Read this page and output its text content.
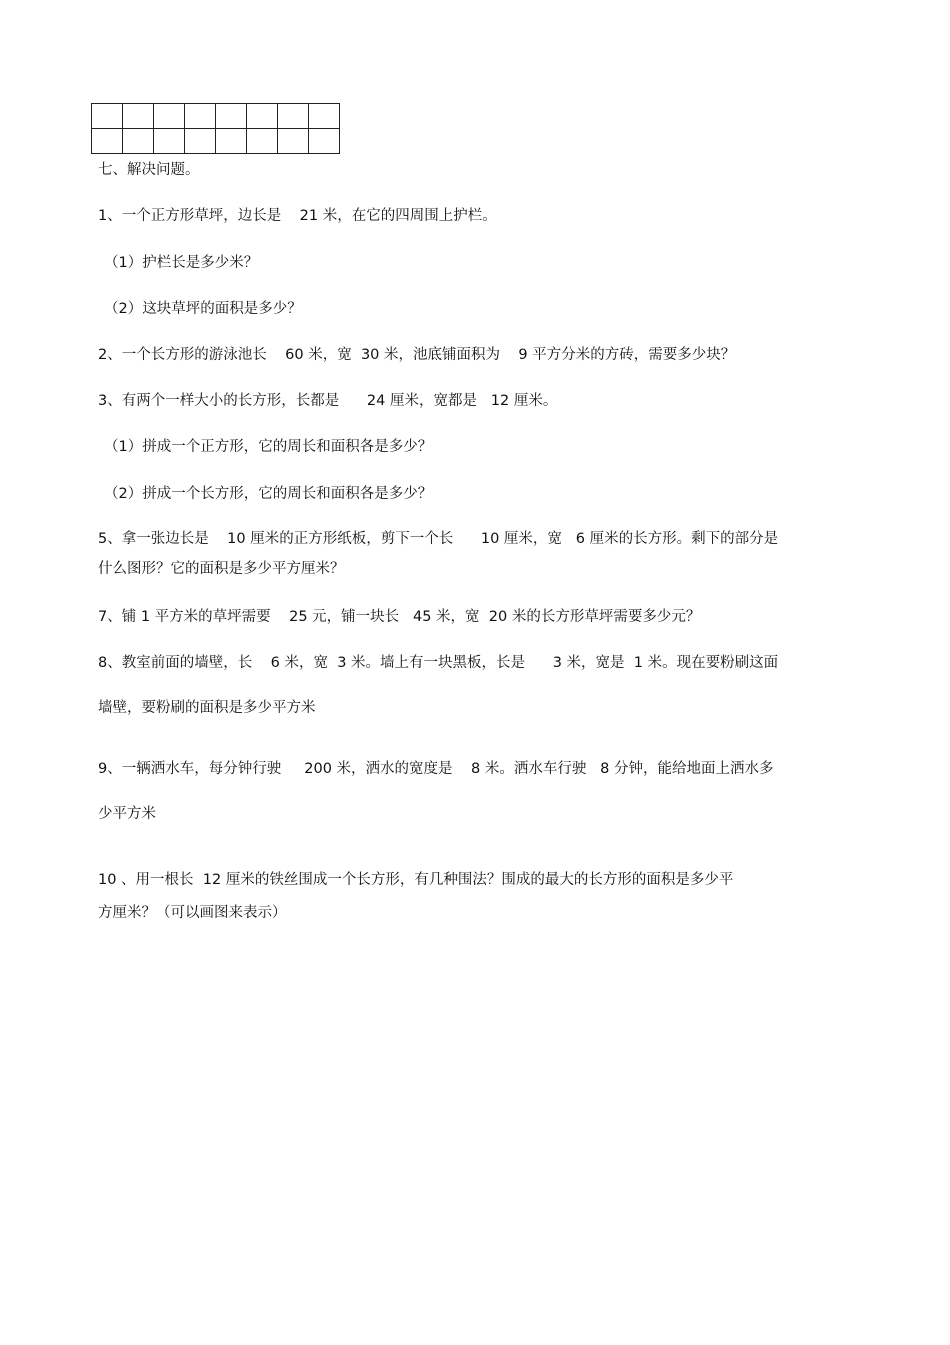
七、解决问题。

1、一个正方形草坪，边长是    21 米，在它的四周围上护栏。

（1）护栏长是多少米？

（2）这块草坪的面积是多少？

2、一个长方形的游泳池长    60 米，宽  30 米，池底铺面积为    9 平方分米的方砖，需要多少块？

3、有两个一样大小的长方形，长都是      24 厘米，宽都是   12 厘米。

（1）拼成一个正方形，它的周长和面积各是多少？

（2）拼成一个长方形，它的周长和面积各是多少？

5、拿一张边长是    10 厘米的正方形纸板，剪下一个长      10 厘米，宽   6 厘米的长方形。剩下的部分是

什么图形？它的面积是多少平方厘米？

7、铺 1 平方米的草坪需要    25 元，铺一块长   45 米，宽  20 米的长方形草坪需要多少元？

8、教室前面的墙壁，长    6 米，宽  3 米。墙上有一块黑板，长是      3 米，宽是  1 米。现在要粉刷这面

墙壁，要粉刷的面积是多少平方米

9、一辆洒水车，每分钟行驶     200 米，洒水的宽度是    8 米。洒水车行驶   8 分钟，能给地面上洒水多

少平方米

10 、用一根长  12 厘米的铁丝围成一个长方形，有几种围法？围成的最大的长方形的面积是多少平

方厘米？（可以画图来表示）
